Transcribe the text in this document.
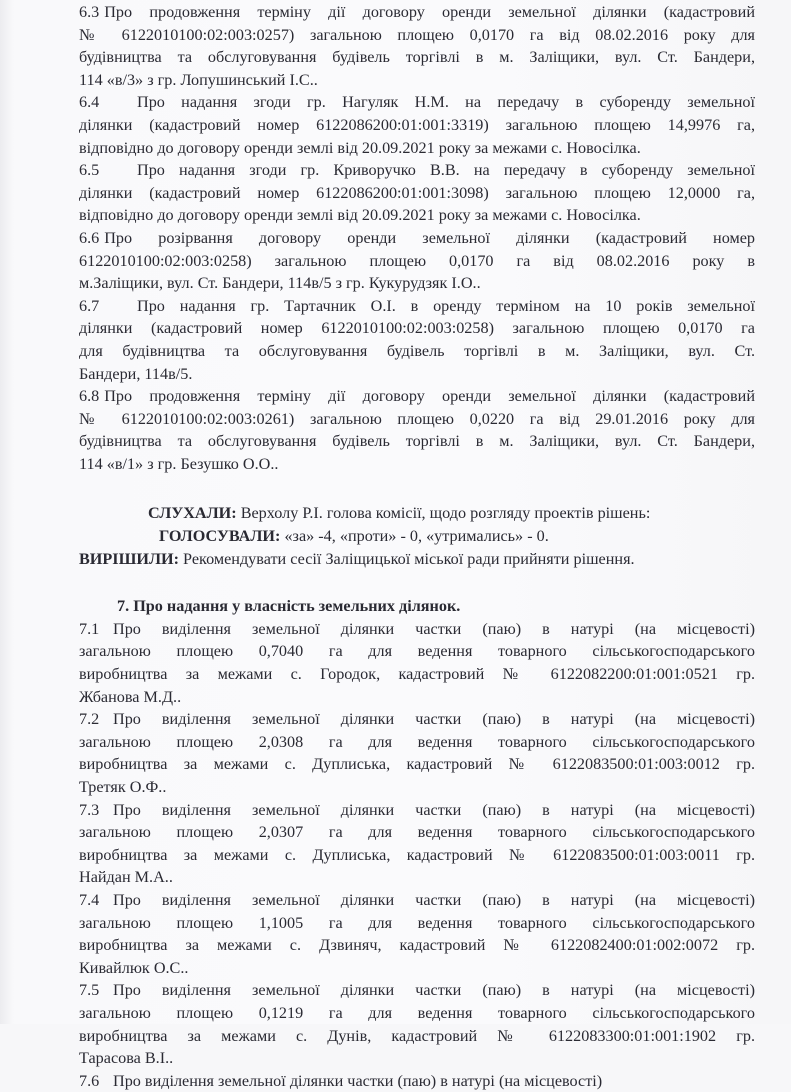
6.3 Про продовження терміну дії договору оренди земельної ділянки (кадастровий
№ 6122010100:02:003:0257) загальною площею 0,0170 га від 08.02.2016 року для
будівництва та обслуговування будівель торгівлі в м. Заліщики, вул. Ст. Бандери,
114 «в/3» з гр. Лопушинський І.С..
6.4 Про надання згоди гр. Нагуляк Н.М. на передачу в суборенду земельної
ділянки (кадастровий номер 6122086200:01:001:3319) загальною площею 14,9976 га,
відповідно до договору оренди землі від 20.09.2021 року за межами с. Новосілка.
6.5 Про надання згоди гр. Криворучко В.В. на передачу в суборенду земельної
ділянки (кадастровий номер 6122086200:01:001:3098) загальною площею 12,0000 га,
відповідно до договору оренди землі від 20.09.2021 року за межами с. Новосілка.
6.6 Про розірвання договору оренди земельної ділянки (кадастровий номер
6122010100:02:003:0258) загальною площею 0,0170 га від 08.02.2016 року в
м.Заліщики, вул. Ст. Бандери, 114в/5 з гр. Кукурудзяк І.О..
6.7 Про надання гр. Тартачник О.І. в оренду терміном на 10 років земельної
ділянки (кадастровий номер 6122010100:02:003:0258) загальною площею 0,0170 га
для будівництва та обслуговування будівель торгівлі в м. Заліщики, вул. Ст.
Бандери, 114в/5.
6.8 Про продовження терміну дії договору оренди земельної ділянки (кадастровий
№ 6122010100:02:003:0261) загальною площею 0,0220 га від 29.01.2016 року для
будівництва та обслуговування будівель торгівлі в м. Заліщики, вул. Ст. Бандери,
114 «в/1» з гр. Безушко О.О..
СЛУХАЛИ: Верхолу Р.І. голова комісії, щодо розгляду проектів рішень:
ГОЛОСУВАЛИ: «за» -4, «проти» - 0, «утримались» - 0.
ВИРІШИЛИ: Рекомендувати сесії Заліщицької міської ради прийняти рішення.
7. Про надання у власність земельних ділянок.
7.1 Про виділення земельної ділянки частки (паю) в натурі (на місцевості)
загальною площею 0,7040 га для ведення товарного сільськогосподарського
виробництва за межами с. Городок, кадастровий № 6122082200:01:001:0521 гр.
Жбанова М.Д..
7.2 Про виділення земельної ділянки частки (паю) в натурі (на місцевості)
загальною площею 2,0308 га для ведення товарного сільськогосподарського
виробництва за межами с. Дуплиська, кадастровий № 6122083500:01:003:0012 гр.
Третяк О.Ф..
7.3 Про виділення земельної ділянки частки (паю) в натурі (на місцевості)
загальною площею 2,0307 га для ведення товарного сільськогосподарського
виробництва за межами с. Дуплиська, кадастровий № 6122083500:01:003:0011 гр.
Найдан М.А..
7.4 Про виділення земельної ділянки частки (паю) в натурі (на місцевості)
загальною площею 1,1005 га для ведення товарного сільськогосподарського
виробництва за межами с. Дзвиняч, кадастровий № 6122082400:01:002:0072 гр.
Кивайлюк О.С..
7.5 Про виділення земельної ділянки частки (паю) в натурі (на місцевості)
загальною площею 0,1219 га для ведення товарного сільськогосподарського
виробництва за межами с. Дунів, кадастровий № 6122083300:01:001:1902 гр.
Тарасова В.І..
7.6 Про виділення земельної ділянки частки (паю) в натурі (на місцевості)
